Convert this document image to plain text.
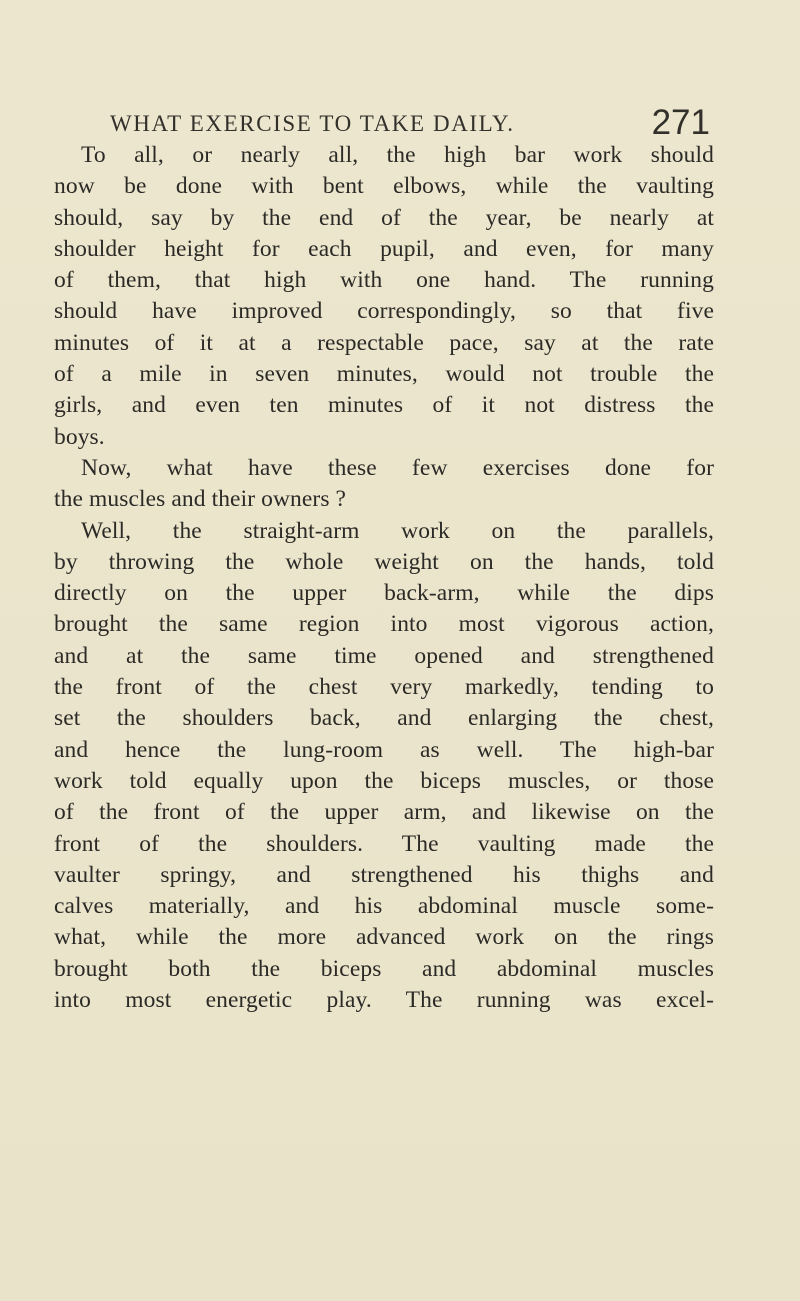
WHAT EXERCISE TO TAKE DAILY.	271
To all, or nearly all, the high bar work should
now be done with bent elbows, while the vaulting
should, say by the end of the year, be nearly at
shoulder height for each pupil, and even, for many
of them, that high with one hand. The running
should have improved correspondingly, so that five
minutes of it at a respectable pace, say at the rate
of a mile in seven minutes, would not trouble the
girls, and even ten minutes of it not distress the
boys.
Now, what have these few exercises done for
the muscles and their owners ?
Well, the straight-arm work on the parallels,
by throwing the whole weight on the hands, told
directly on the upper back-arm, while the dips
brought the same region into most vigorous action,
and at the same time opened and strengthened
the front of the chest very markedly, tending to
set the shoulders back, and enlarging the chest,
and hence the lung-room as well. The high-bar
work told equally upon the biceps muscles, or those
of the front of the upper arm, and likewise on the
front of the shoulders. The vaulting made the
vaulter springy, and strengthened his thighs and
calves materially, and his abdominal muscle some-
what, while the more advanced work on the rings
brought both the biceps and abdominal muscles
into most energetic play. The running was excel-
